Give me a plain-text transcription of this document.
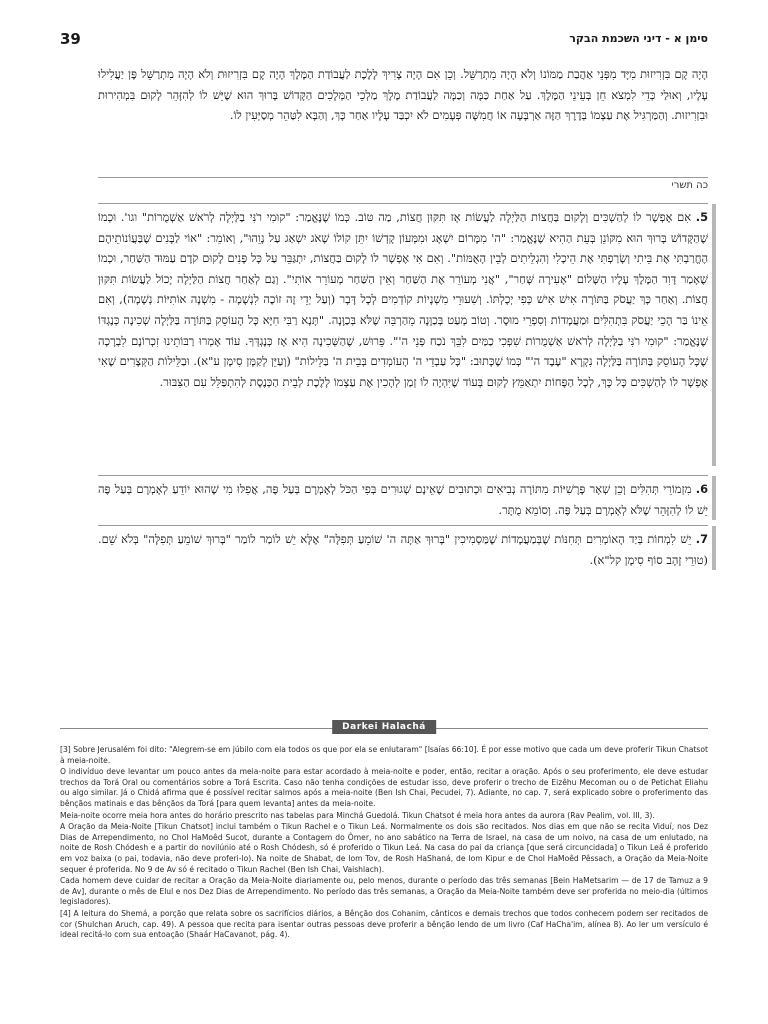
39	סימן א - דיני השכמת הבקר
הָיָה קָם בִּזְרִיזוּת מִיָּד מִפְּנֵי אַהֲבַת מַמּוֹנוֹ וְלֹא הָיָה מִתְרַשֵּׁל. וְכֵן אִם הָיָה צָרִיךְ לָלֶכֶת לַעֲבוֹדַת הַמֶּלֶךְ הָיָה קָם בִּזְרִיזוּת וְלֹא הָיָה מִתְרַשֵּׁל פֶּן יַעֲלִילוּ עָלָיו, וְאוּלַי כְּדֵי לִמְצֹא חֵן בְּעֵינֵי הַמֶּלֶךְ. עַל אַחַת כַּמָּה וְכַמָּה לַעֲבוֹדַת מֶלֶךְ מַלְכֵי הַמְּלָכִים הַקָּדוֹשׁ בָּרוּךְ הוּא שֶׁיֵּשׁ לוֹ לְהִזָּהֵר לָקוּם בִּמְהִירוּת וּבִזְרִיזוּת. וְהַמַּרְגִּיל אֶת עַצְמוֹ בְּדֶרֶךְ הַזֶּה אַרְבָּעָה אוֹ חֲמִשָּׁה פְּעָמִים לֹא יִכְבַּד עָלָיו אַחַר כָּךְ, וְהַבָּא לִטַּהֵר מְסַיְּעִין לוֹ.
כה תשרי
5. אִם אֶפְשָׁר לוֹ לְהַשְׁכִּים וְלָקוּם בַּחֲצוֹת הַלַּיְלָה לַעֲשׂוֹת אָז תִּקּוּן חֲצוֹת, מַה טּוֹב. כְּמוֹ שֶׁנֶּאֱמַר: "קוּמִי רֹנִּי בַלַּיְלָה לְרֹאשׁ אַשְׁמֻרוֹת" וגו'. וּכְמוֹ שֶׁהַקָּדוֹשׁ בָּרוּךְ הוּא מִקּוֹנֵן בְּעֵת הַהִיא שֶׁנֶּאֱמַר: "ה' מִמָּרוֹם יִשְׁאָג וּמִמְּעוֹן קָדְשׁוֹ יִתֵּן קוֹלוֹ שָׁאֹג יִשְׁאַג עַל נָוֵהוּ", וְאוֹמֵר: "אוֹי לַבָּנִים שֶׁבַּעֲוֹנוֹתֵיהֶם הֶחֱרַבְתִּי אֶת בֵּיתִי וְשָׂרַפְתִּי אֶת הֵיכָלִי וְהִגְלֵיתִים לְבֵין הָאֻמּוֹת". וְאִם אִי אֶפְשָׁר לוֹ לָקוּם בַּחֲצוֹת, יִתְגַּבֵּר עַל כָּל פָּנִים לָקוּם קֹדֶם עַמּוּד הַשַּׁחַר, וּכְמוֹ שֶׁאָמַר דָּוִד הַמֶּלֶךְ עָלָיו הַשָּׁלוֹם "אָעִירָה שָּׁחַר", "אֲנִי מְעוֹרֵר אֶת הַשַּׁחַר וְאֵין הַשַּׁחַר מְעוֹרֵר אוֹתִי". וְגַם לְאַחַר חֲצוֹת הַלַּיְלָה יָכוֹל לַעֲשׂוֹת תִּקּוּן חֲצוֹת. וְאַחַר כָּךְ יַעֲסֹק בַּתּוֹרָה אִישׁ אִישׁ כְּפִי יְכָלְתּוֹ. וְשִׁעוּרֵי מִשְׁנָיוֹת קוֹדְמִים לְכָל דָּבָר (וְעַל יְדֵי זֶה זוֹכֶה לִנְשָׁמָה - מִשְׁנָה אוֹתִיּוֹת נְשָׁמָה), וְאִם אֵינוֹ בַּר הָכֵי יַעֲסֹק בִּתְהִלִּים וּמַעֲמָדוֹת וְסִפְרֵי מוּסָר. וְטוֹב מְעַט בְּכַוָּנָה מֵהַרְבֵּה שֶׁלֹּא בְּכַוָּנָה. "תָּנָא רַבִּי חִיָּא כָּל הָעוֹסֵק בַּתּוֹרָה בַּלַּיְלָה שְׁכִינָה כְּנֶגְדּוֹ שֶׁנֶּאֱמַר: "קוּמִי רֹנִּי בַלַּיְלָה לְרֹאשׁ אַשְׁמֻרוֹת שִׁפְכִי כַמַּיִם לִבֵּךְ נֹכַח פְּנֵי ה'". פֵּרוּשׁ, שֶׁהַשְּׁכִינָה הִיא אָז כְּנֶגְדְּךָ. עוֹד אָמְרוּ רַבּוֹתֵינוּ זִכְרוֹנָם לִבְרָכָה שֶׁכָּל הָעוֹסֵק בַּתּוֹרָה בַּלַּיְלָה נִקְרָא "עֶבֶד ה'" כְּמוֹ שֶׁכָּתוּב: "כָּל עַבְדֵי ה' הָעוֹמְדִים בְּבֵית ה' בַּלֵּילוֹת" (וְעַיֵּן לְקַמָּן סִימָן ע"א). וּבַלֵּילוֹת הַקְּצָרִים שֶׁאִי אֶפְשָׁר לוֹ לְהַשְׁכִּים כָּל כָּךְ, לְכָל הַפָּחוֹת יִתְאַמֵּץ לָקוּם בְּעוֹד שֶׁיִּהְיֶה לוֹ זְמַן לְהָכִין אֶת עַצְמוֹ לָלֶכֶת לְבֵית הַכְּנֶסֶת לְהִתְפַּלֵּל עִם הַצִּבּוּר.
6. מִזְמוֹרֵי תְּהִלִּים וְכֵן שְׁאָר פָּרָשִׁיּוֹת מִתּוֹרָה נְבִיאִים וּכְתוּבִים שֶׁאֵינָם שְׁגוּרִים בְּפִי הַכֹּל לְאָמְרָם בְּעַל פֶּה, אֲפִלּוּ מִי שֶׁהוּא יוֹדֵעַ לְאָמְרָם בְּעַל פֶּה יֵשׁ לוֹ לְהִזָּהֵר שֶׁלֹּא לְאָמְרָם בְּעַל פֶּה. וְסוֹמֵא מֻתָּר.
7. יֵשׁ לִמְחוֹת בְּיַד הָאוֹמְרִים תְּחִנּוֹת שֶׁבְּמַעֲמָדוֹת שֶׁמַּסְמִיכִין "בָּרוּךְ אַתָּה ה' שׁוֹמֵעַ תְּפִלָּה" אֶלָּא יֵשׁ לוֹמַר לוֹמַר "בָּרוּךְ שׁוֹמֵעַ תְּפִלָּה" בְּלֹא שֵׁם. (טוּרֵי זָהָב סוֹף סִימָן קל"א).
Darkei Halachá

[3] Sobre Jerusalém foi dito: "Alegrem-se em júbilo com ela todos os que por ela se enlutaram" [Isaías 66:10]. É por esse motivo que cada um deve proferir Tikun Chatsot à meia-noite.

O indivíduo deve levantar um pouco antes da meia-noite para estar acordado à meia-noite e poder, então, recitar a oração. Após o seu proferimento, ele deve estudar trechos da Torá Oral ou comentários sobre a Torá Escrita. Caso não tenha condições de estudar isso, deve proferir o trecho de Eizêhu Mecoman ou o de Petichat Eliahu ou algo similar. Já o Chidá afirma que é possível recitar salmos após a meia-noite (Ben Ish Chai, Pecudei, 7). Adiante, no cap. 7, será explicado sobre o proferimento das bênçãos matinais e das bênçãos da Torá [para quem levanta] antes da meia-noite.

Meia-noite ocorre meia hora antes do horário prescrito nas tabelas para Minchá Guedolá. Tikun Chatsot é meia hora antes da aurora (Rav Pealim, vol. III, 3).

A Oração da Meia-Noite [Tikun Chatsot] inclui também o Tikun Rachel e o Tikun Leá. Normalmente os dois são recitados. Nos dias em que não se recita Viduí, nos Dez Dias de Arrependimento, no Chol HaMoêd Sucot, durante a Contagem do Ômer, no ano sabático na Terra de Israel, na casa de um noivo, na casa de um enlutado, na noite de Rosh Chódesh e a partir do novilúnio até o Rosh Chódesh, só é proferido o Tikun Leá. Na casa do pai da criança [que será circuncidada] o Tikun Leá é proferido em voz baixa (o pai, todavia, não deve proferi-lo). Na noite de Shabat, de Iom Tov, de Rosh HaShaná, de Iom Kipur e de Chol HaMoêd Pêssach, a Oração da Meia-Noite sequer é proferida. No 9 de Av só é recitado o Tikun Rachel (Ben Ish Chai, Vaishlach).

Cada homem deve cuidar de recitar a Oração da Meia-Noite diariamente ou, pelo menos, durante o período das três semanas [Bein HaMetsarim — de 17 de Tamuz a 9 de Av], durante o mês de Elul e nos Dez Dias de Arrependimento. No período das três semanas, a Oração da Meia-Noite também deve ser proferida no meio-dia (últimos legisladores).

[4] A leitura do Shemá, a porção que relata sobre os sacrifícios diários, a Bênção dos Cohanim, cânticos e demais trechos que todos conhecem podem ser recitados de cor (Shulchan Aruch, cap. 49). A pessoa que recita para isentar outras pessoas deve proferir a bênção lendo de um livro (Caf HaCha'im, alínea 8). Ao ler um versículo é ideal recitá-lo com sua entoação (Shaár HaCavanot, pág. 4).
